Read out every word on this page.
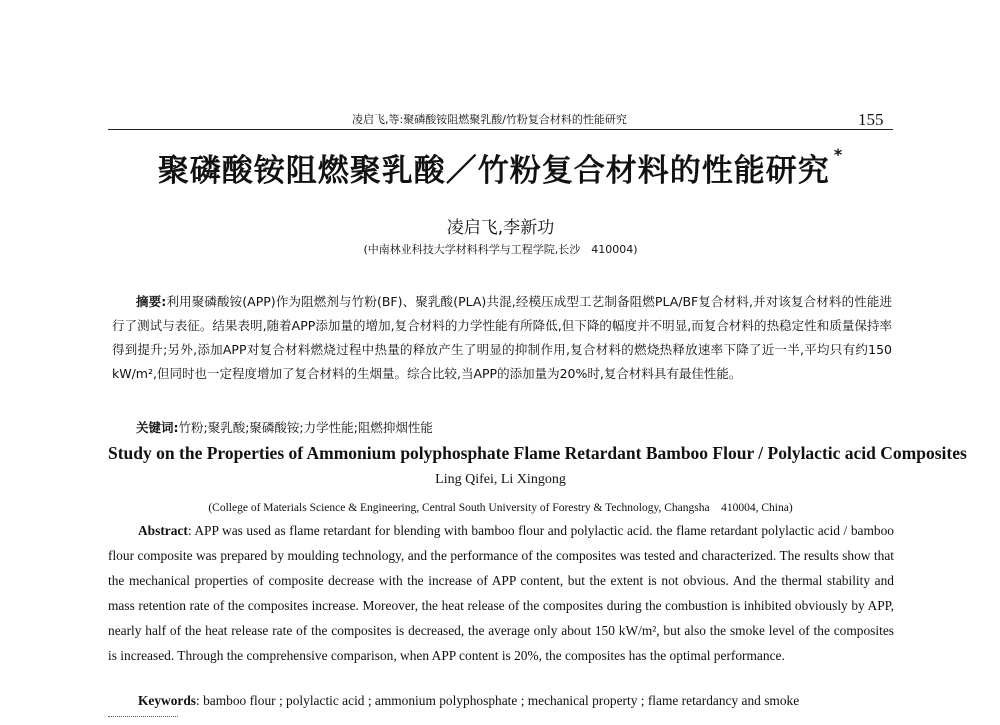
凌启飞,等:聚磷酸铵阻燃聚乳酸/竹粉复合材料的性能研究	155
聚磷酸铵阻燃聚乳酸／竹粉复合材料的性能研究 *
凌启飞,李新功
(中南林业科技大学材料科学与工程学院,长沙　410004)
摘要:利用聚磷酸铵(APP)作为阻燃剂与竹粉(BF)、聚乳酸(PLA)共混,经模压成型工艺制备阻燃PLA/BF复合材料,并对该复合材料的性能进行了测试与表征。结果表明,随着APP添加量的增加,复合材料的力学性能有所降低,但下降的幅度并不明显,而复合材料的热稳定性和质量保持率得到提升;另外,添加APP对复合材料燃烧过程中热量的释放产生了明显的抑制作用,复合材料的燃烧热释放速率下降了近一半,平均只有约150 kW/m²,但同时也一定程度增加了复合材料的生烟量。综合比较,当APP的添加量为20%时,复合材料具有最佳性能。
关键词:竹粉;聚乳酸;聚磷酸铵;力学性能;阻燃抑烟性能
Study on the Properties of Ammonium polyphosphate Flame Retardant Bamboo Flour / Polylactic acid Composites
Ling Qifei, Li Xingong
(College of Materials Science & Engineering, Central South University of Forestry & Technology, Changsha　410004, China)
Abstract: APP was used as flame retardant for blending with bamboo flour and polylactic acid. the flame retardant polylactic acid / bamboo flour composite was prepared by moulding technology, and the performance of the composites was tested and characterized. The results show that the mechanical properties of composite decrease with the increase of APP content, but the extent is not obvious. And the thermal stability and mass retention rate of the composites increase. Moreover, the heat release of the composites during the combustion is inhibited obviously by APP, nearly half of the heat release rate of the composites is decreased, the average only about 150 kW/m², but also the smoke level of the composites is increased. Through the comprehensive comparison, when APP content is 20%, the composites has the optimal performance.
Keywords: bamboo flour ; polylactic acid ; ammonium polyphosphate ; mechanical property ; flame retardancy and smoke
